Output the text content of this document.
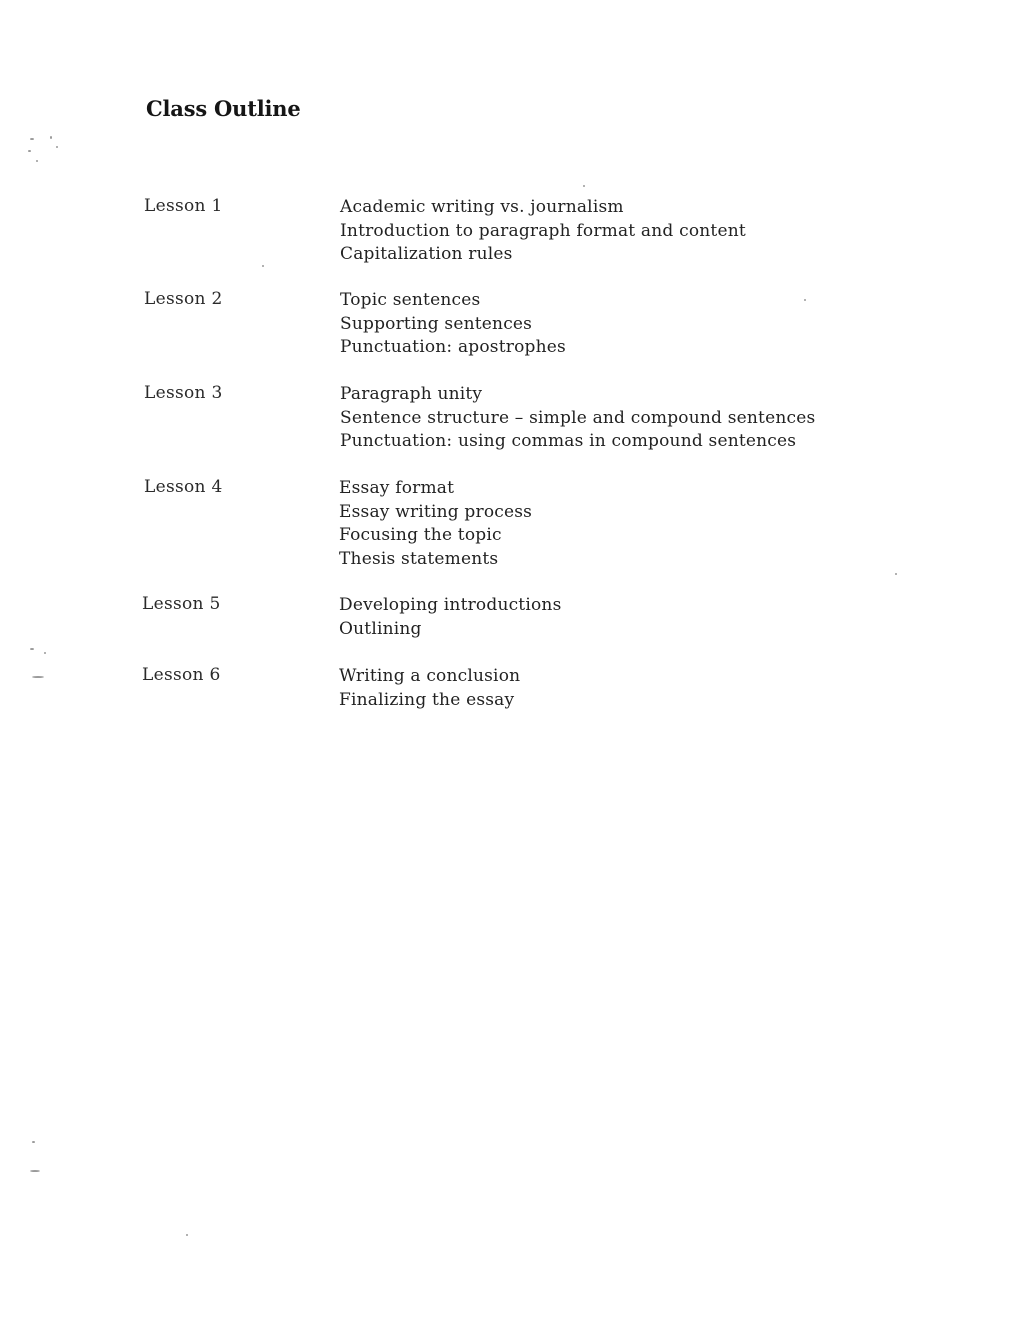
Class Outline
Lesson 1	Academic writing vs. journalism
Introduction to paragraph format and content
Capitalization rules
Lesson 2	Topic sentences
Supporting sentences
Punctuation: apostrophes
Lesson 3	Paragraph unity
Sentence structure – simple and compound sentences
Punctuation: using commas in compound sentences
Lesson 4	Essay format
Essay writing process
Focusing the topic
Thesis statements
Lesson 5	Developing introductions
Outlining
Lesson 6	Writing a conclusion
Finalizing the essay
